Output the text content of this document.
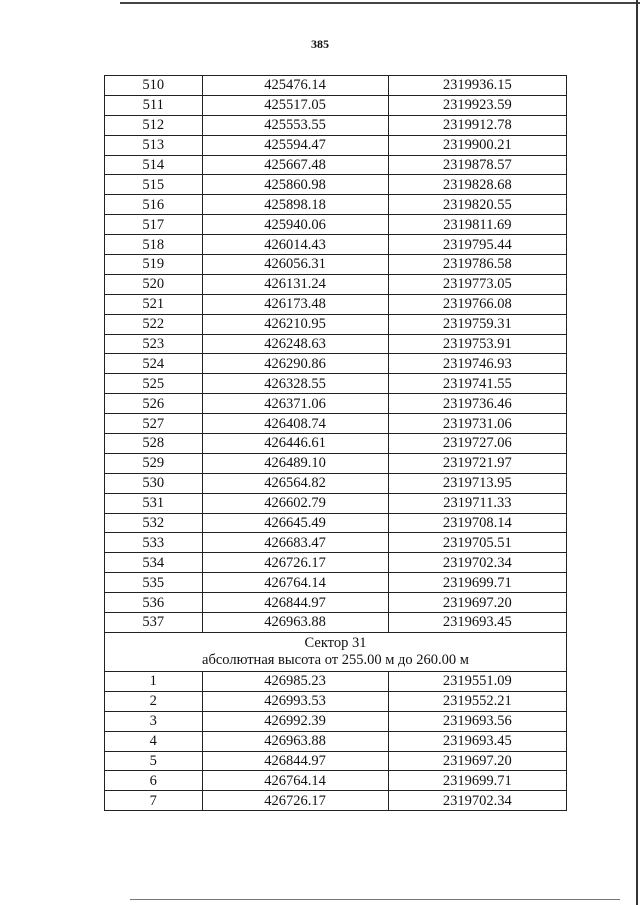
385
510	425476.14	2319936.15
511	425517.05	2319923.59
512	425553.55	2319912.78
513	425594.47	2319900.21
514	425667.48	2319878.57
515	425860.98	2319828.68
516	425898.18	2319820.55
517	425940.06	2319811.69
518	426014.43	2319795.44
519	426056.31	2319786.58
520	426131.24	2319773.05
521	426173.48	2319766.08
522	426210.95	2319759.31
523	426248.63	2319753.91
524	426290.86	2319746.93
525	426328.55	2319741.55
526	426371.06	2319736.46
527	426408.74	2319731.06
528	426446.61	2319727.06
529	426489.10	2319721.97
530	426564.82	2319713.95
531	426602.79	2319711.33
532	426645.49	2319708.14
533	426683.47	2319705.51
534	426726.17	2319702.34
535	426764.14	2319699.71
536	426844.97	2319697.20
537	426963.88	2319693.45

Сектор 31
абсолютная высота от 255.00 м до 260.00 м		

1	426985.23	2319551.09
2	426993.53	2319552.21
3	426992.39	2319693.56
4	426963.88	2319693.45
5	426844.97	2319697.20
6	426764.14	2319699.71
7	426726.17	2319702.34
